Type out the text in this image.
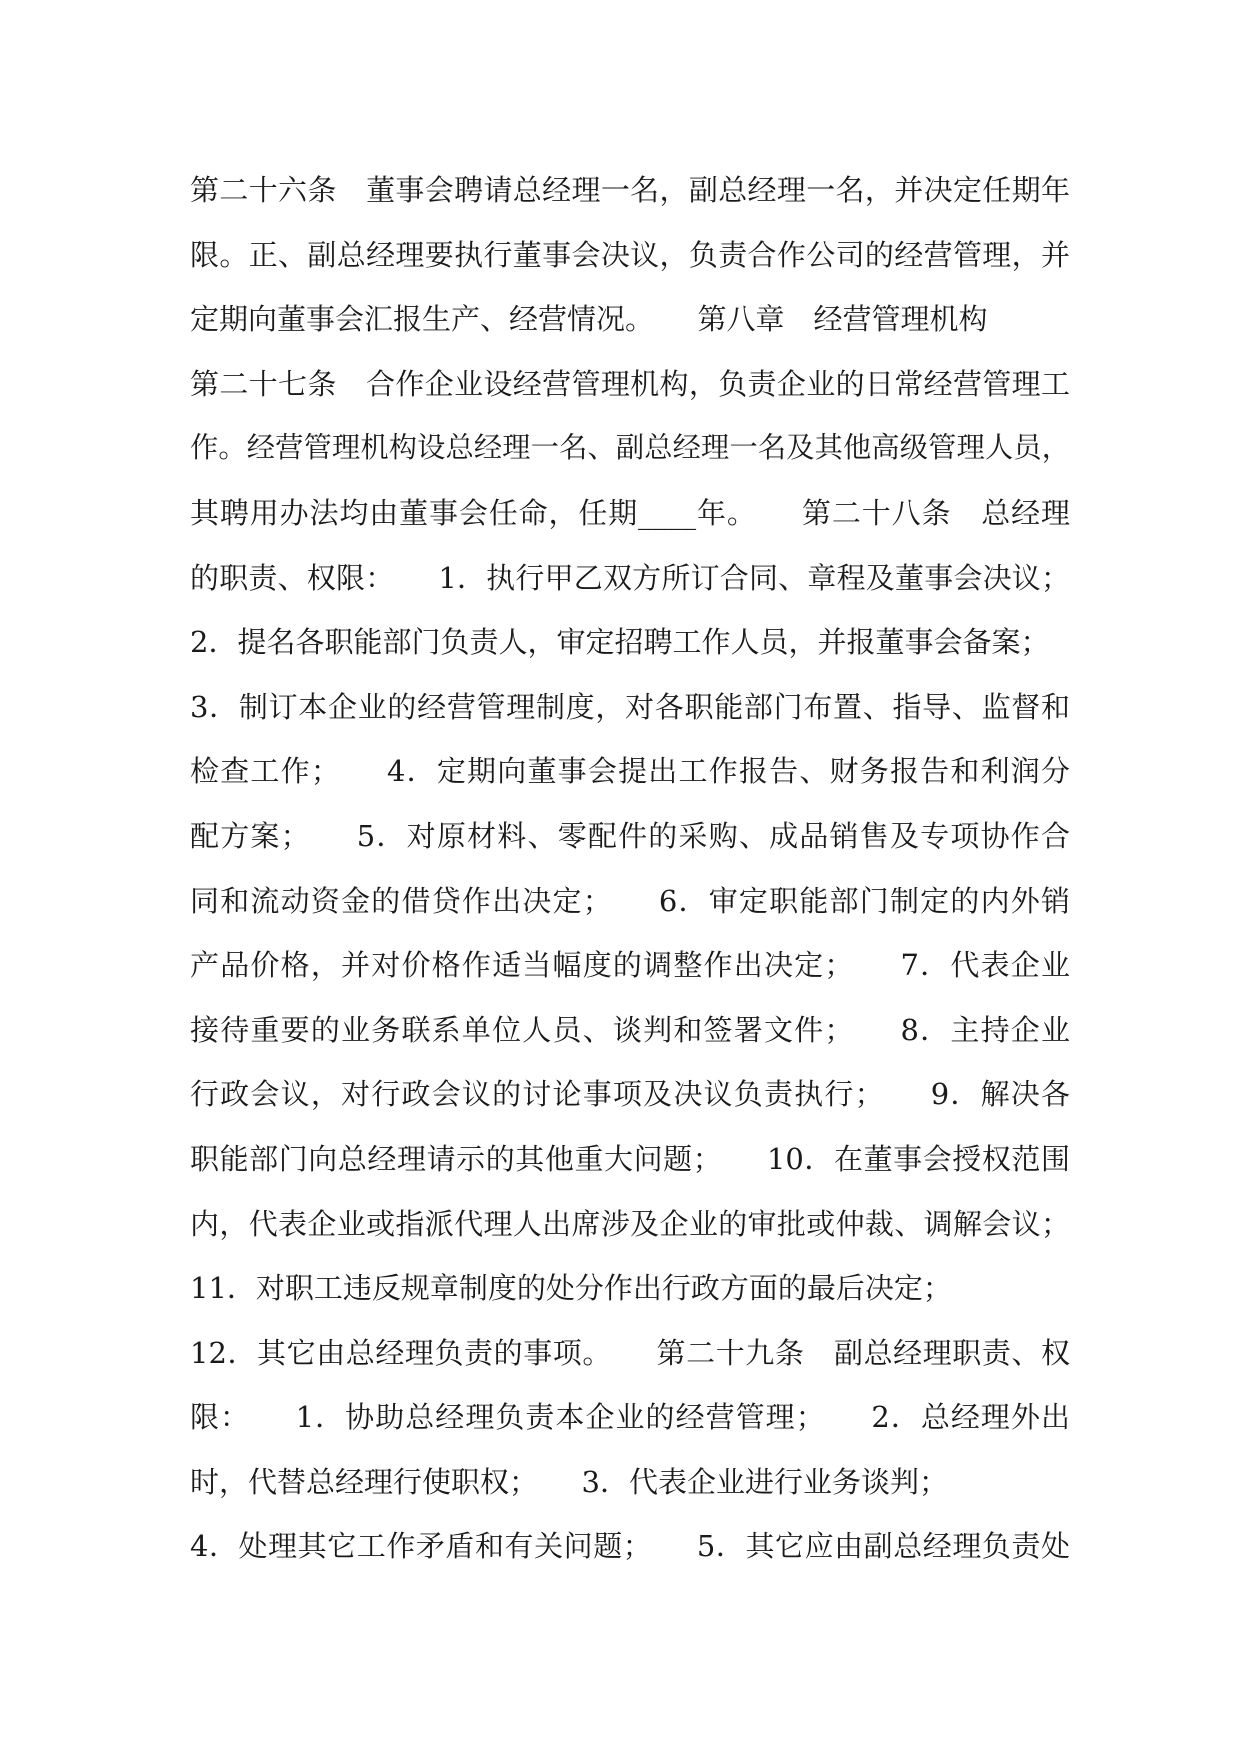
第二十六条　董事会聘请总经理一名，副总经理一名，并决定任期年
限。正、副总经理要执行董事会决议，负责合作公司的经营管理，并
定期向董事会汇报生产、经营情况。　　第八章　经营管理机构
第二十七条　合作企业设经营管理机构，负责企业的日常经营管理工
作。经营管理机构设总经理一名、副总经理一名及其他高级管理人员，
其聘用办法均由董事会任命，任期____年。　　第二十八条　总经理
的职责、权限：　　1．执行甲乙双方所订合同、章程及董事会决议；
2．提名各职能部门负责人，审定招聘工作人员，并报董事会备案；
3．制订本企业的经营管理制度，对各职能部门布置、指导、监督和
检查工作；　　4．定期向董事会提出工作报告、财务报告和利润分
配方案；　　5．对原材料、零配件的采购、成品销售及专项协作合
同和流动资金的借贷作出决定；　　6．审定职能部门制定的内外销
产品价格，并对价格作适当幅度的调整作出决定；　　7．代表企业
接待重要的业务联系单位人员、谈判和签署文件；　　8．主持企业
行政会议，对行政会议的讨论事项及决议负责执行；　　9．解决各
职能部门向总经理请示的其他重大问题；　　10．在董事会授权范围
内，代表企业或指派代理人出席涉及企业的审批或仲裁、调解会议；
11．对职工违反规章制度的处分作出行政方面的最后决定；
12．其它由总经理负责的事项。　　第二十九条　副总经理职责、权
限：　　1．协助总经理负责本企业的经营管理；　　2．总经理外出
时，代替总经理行使职权；　　3．代表企业进行业务谈判；
4．处理其它工作矛盾和有关问题；　　5．其它应由副总经理负责处
